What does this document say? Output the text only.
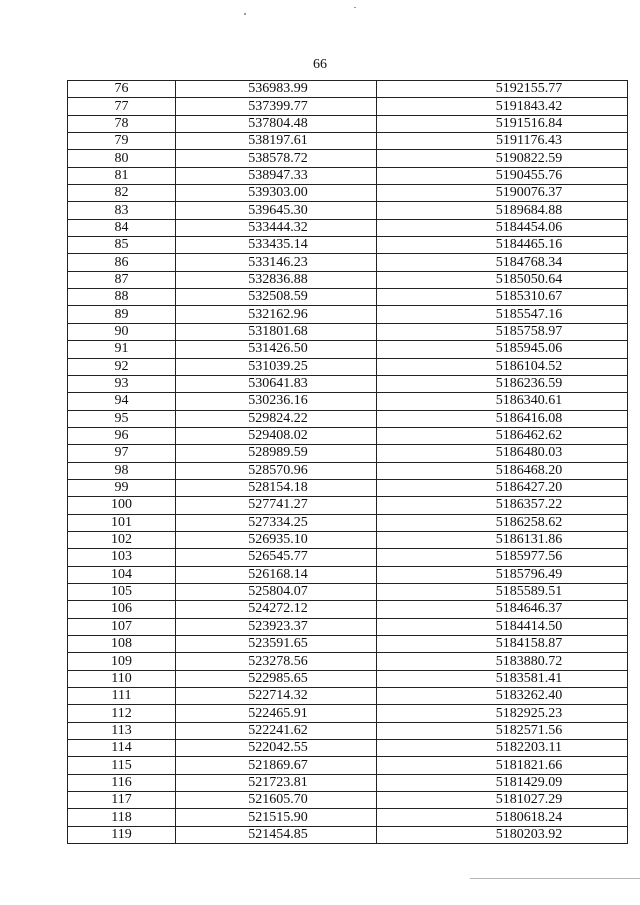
66
76	536983.99	5192155.77
77	537399.77	5191843.42
78	537804.48	5191516.84
79	538197.61	5191176.43
80	538578.72	5190822.59
81	538947.33	5190455.76
82	539303.00	5190076.37
83	539645.30	5189684.88
84	533444.32	5184454.06
85	533435.14	5184465.16
86	533146.23	5184768.34
87	532836.88	5185050.64
88	532508.59	5185310.67
89	532162.96	5185547.16
90	531801.68	5185758.97
91	531426.50	5185945.06
92	531039.25	5186104.52
93	530641.83	5186236.59
94	530236.16	5186340.61
95	529824.22	5186416.08
96	529408.02	5186462.62
97	528989.59	5186480.03
98	528570.96	5186468.20
99	528154.18	5186427.20
100	527741.27	5186357.22
101	527334.25	5186258.62
102	526935.10	5186131.86
103	526545.77	5185977.56
104	526168.14	5185796.49
105	525804.07	5185589.51
106	524272.12	5184646.37
107	523923.37	5184414.50
108	523591.65	5184158.87
109	523278.56	5183880.72
110	522985.65	5183581.41
111	522714.32	5183262.40
112	522465.91	5182925.23
113	522241.62	5182571.56
114	522042.55	5182203.11
115	521869.67	5181821.66
116	521723.81	5181429.09
117	521605.70	5181027.29
118	521515.90	5180618.24
119	521454.85	5180203.92
